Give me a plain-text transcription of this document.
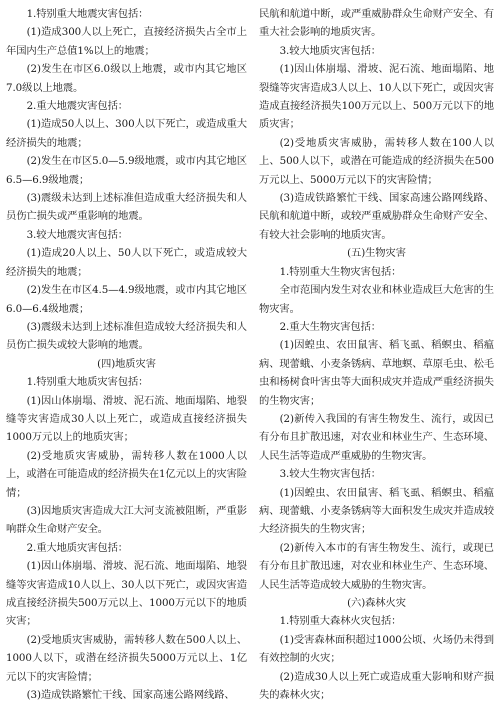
1.特别重大地震灾害包括：

(1)造成300人以上死亡，直接经济损失占全市上年国内生产总值1%以上的地震；

(2)发生在市区6.0级以上地震，或市内其它地区7.0级以上地震。

2.重大地震灾害包括：

(1)造成50人以上、300人以下死亡，或造成重大经济损失的地震；

(2)发生在市区5.0—5.9级地震，或市内其它地区6.5—6.9级地震；

(3)震级未达到上述标准但造成重大经济损失和人员伤亡损失或严重影响的地震。

3.较大地震灾害包括：

(1)造成20人以上、50人以下死亡，或造成较大经济损失的地震；

(2)发生在市区4.5—4.9级地震，或市内其它地区6.0—6.4级地震；

(3)震级未达到上述标准但造成较大经济损失和人员伤亡损失或较大影响的地震。

(四)地质灾害

1.特别重大地质灾害包括：

(1)因山体崩塌、滑坡、泥石流、地面塌陷、地裂缝等灾害造成30人以上死亡，或造成直接经济损失1000万元以上的地质灾害；

(2)受地质灾害威胁，需转移人数在1000人以上，或潜在可能造成的经济损失在1亿元以上的灾害险情；

(3)因地质灾害造成大江大河支流被阻断，严重影响群众生命财产安全。

2.重大地质灾害包括：

(1)因山体崩塌、滑坡、泥石流、地面塌陷、地裂缝等灾害造成10人以上、30人以下死亡，或因灾害造成直接经济损失500万元以上、1000万元以下的地质灾害；

(2)受地质灾害威胁，需转移人数在500人以上、1000人以下，或潜在经济损失5000万元以上、1亿元以下的灾害险情；

(3)造成铁路繁忙干线、国家高速公路网线路、

民航和航道中断，或严重威胁群众生命财产安全、有重大社会影响的地质灾害。

3.较大地质灾害包括：

(1)因山体崩塌、滑坡、泥石流、地面塌陷、地裂缝等灾害造成3人以上、10人以下死亡，或因灾害造成直接经济损失100万元以上、500万元以下的地质灾害；

(2)受地质灾害威胁，需转移人数在100人以上、500人以下，或潜在可能造成的经济损失在500万元以上、5000万元以下的灾害险情；

(3)造成铁路繁忙干线、国家高速公路网线路、民航和航道中断，或较严重威胁群众生命财产安全、有较大社会影响的地质灾害。

(五)生物灾害

1.特别重大生物灾害包括：

全市范围内发生对农业和林业造成巨大危害的生物灾害。

2.重大生物灾害包括：

(1)因蝗虫、农田鼠害、稻飞虱、稻螟虫、稻瘟病、现蕾蛾、小麦条锈病、草地螟、草原毛虫、松毛虫和杨树食叶害虫等大面积成灾并造成严重经济损失的生物灾害；

(2)新传入我国的有害生物发生、流行，或因已有分布且扩散迅速，对农业和林业生产、生态环境、人民生活等造成严重威胁的生物灾害。

3.较大生物灾害包括：

(1)因蝗虫、农田鼠害、稻飞虱、稻螟虫、稻瘟病、现蕾蛾、小麦条锈病等大面积发生成灾并造成较大经济损失的生物灾害；

(2)新传入本市的有害生物发生、流行，或现已有分布且扩散迅速，对农业和林业生产、生态环境、人民生活等造成较大威胁的生物灾害。

(六)森林火灾

1.特别重大森林火灾包括：

(1)受害森林面积超过1000公顷、火场仍未得到有效控制的火灾；

(2)造成30人以上死亡或造成重大影响和财产损失的森林火灾；
